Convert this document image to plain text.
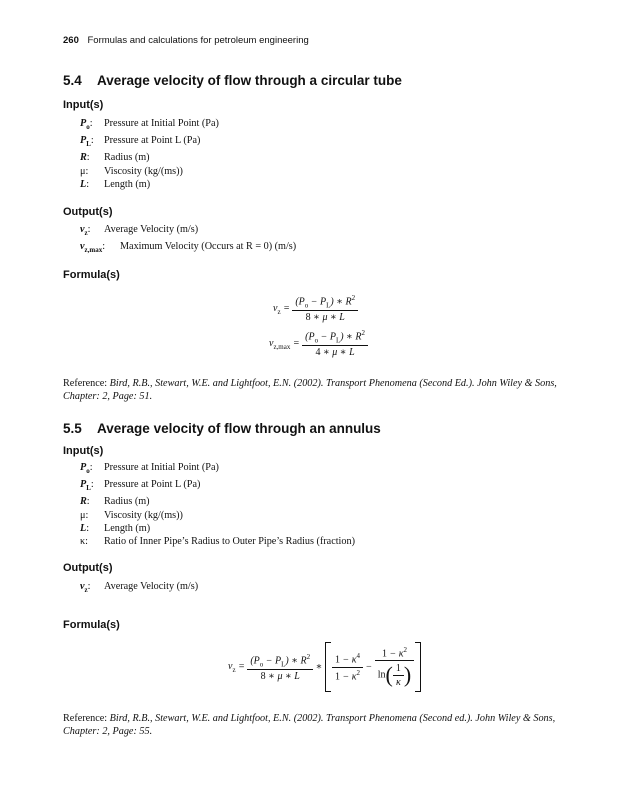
260 Formulas and calculations for petroleum engineering
5.4 Average velocity of flow through a circular tube
Input(s)
$P_o$: Pressure at Initial Point (Pa)
$P_L$: Pressure at Point L (Pa)
R: Radius (m)
μ: Viscosity (kg/(ms))
L: Length (m)
Output(s)
$v_z$: Average Velocity (m/s)
$v_{z,max}$: Maximum Velocity (Occurs at R = 0) (m/s)
Formula(s)
$v_z = \frac{(P_o - P_L) ∗ R^2}{8 ∗ \mu ∗ L}$
$v_{z,max} = \frac{(P_o - P_L) ∗ R^2}{4 ∗ \mu ∗ L}$
Reference: Bird, R.B., Stewart, W.E. and Lightfoot, E.N. (2002). Transport Phenomena (Second Ed.). John Wiley & Sons, Chapter: 2, Page: 51.
5.5 Average velocity of flow through an annulus
Input(s)
$P_o$: Pressure at Initial Point (Pa)
$P_L$: Pressure at Point L (Pa)
R: Radius (m)
μ: Viscosity (kg/(ms))
L: Length (m)
κ: Ratio of Inner Pipe’s Radius to Outer Pipe’s Radius (fraction)
Output(s)
$v_z$: Average Velocity (m/s)
Formula(s)
$v_z = \frac{(P_o - P_L) ∗ R^2}{8 ∗ \mu ∗ L}$ ∗ $\frac{1 - \kappa^4}{1 - \kappa^2} - \frac{1 - \kappa^2}{\ln( \frac{1}{\kappa} )}$
Reference: Bird, R.B., Stewart, W.E. and Lightfoot, E.N. (2002). Transport Phenomena (Second ed.). John Wiley & Sons, Chapter: 2, Page: 55.
